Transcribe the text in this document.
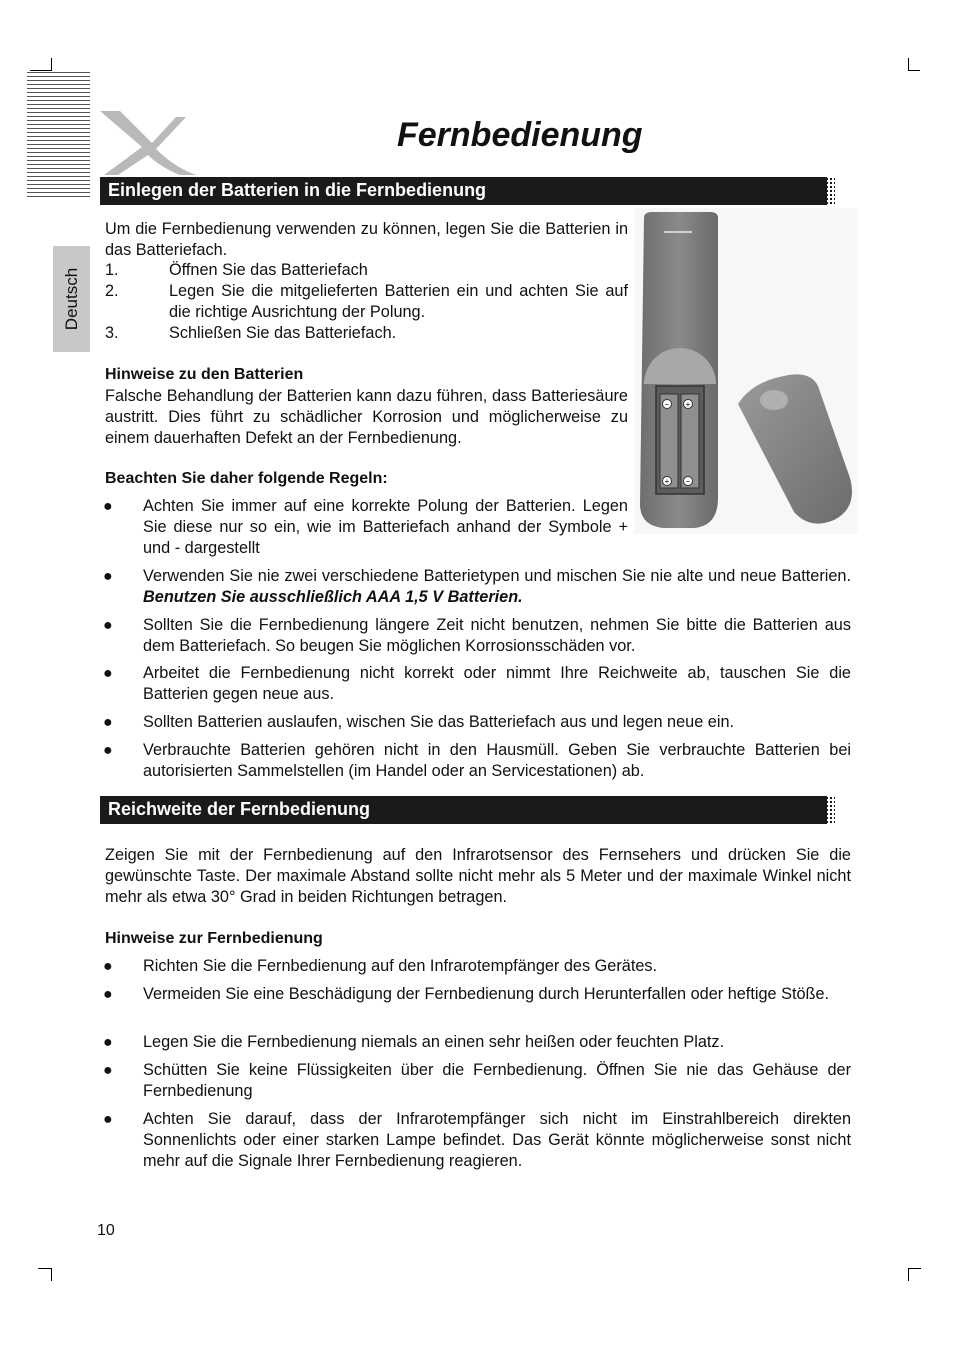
Fernbedienung
Deutsch
Einlegen der Batterien in die Fernbedienung
Um die Fernbedienung verwenden zu können, legen Sie die Batterien in das Batteriefach.
1.	Öffnen Sie das Batteriefach
2.	Legen Sie die mitgelieferten Batterien ein und achten Sie auf die richtige Ausrichtung der Polung.
3.	Schließen Sie das Batteriefach.
Hinweise zu den Batterien
Falsche Behandlung der Batterien kann dazu führen, dass Batteriesäure austritt. Dies führt zu schädlicher Korrosion und möglicherweise zu einem dauerhaften Defekt an der Fernbedienung.
Beachten Sie daher folgende Regeln:
● Achten Sie immer auf eine korrekte Polung der Batterien. Legen Sie diese nur so ein, wie im Batteriefach anhand der Symbole + und - dargestellt
● Verwenden Sie nie zwei verschiedene Batterietypen und mischen Sie nie alte und neue Batterien. Benutzen Sie ausschließlich AAA 1,5 V Batterien.
● Sollten Sie die Fernbedienung längere Zeit nicht benutzen, nehmen Sie bitte die Batterien aus dem Batteriefach. So beugen Sie möglichen Korrosionsschäden vor.
● Arbeitet die Fernbedienung nicht korrekt oder nimmt Ihre Reichweite ab, tauschen Sie die Batterien gegen neue aus.
● Sollten Batterien auslaufen, wischen Sie das Batteriefach aus und legen neue ein.
● Verbrauchte Batterien gehören nicht in den Hausmüll. Geben Sie verbrauchte Batterien bei autorisierten Sammelstellen (im Handel oder an Servicestationen) ab.
− +
+ −
Reichweite der Fernbedienung
Zeigen Sie mit der Fernbedienung auf den Infrarotsensor des Fernsehers und drücken Sie die gewünschte Taste. Der maximale Abstand sollte nicht mehr als 5 Meter und der maximale Winkel nicht mehr als etwa 30° Grad in beiden Richtungen betragen.
Hinweise zur Fernbedienung
● Richten Sie die Fernbedienung auf den Infrarotempfänger des Gerätes.
● Vermeiden Sie eine Beschädigung der Fernbedienung durch Herunterfallen oder heftige Stöße.
● Legen Sie die Fernbedienung niemals an einen sehr heißen oder feuchten Platz.
● Schütten Sie keine Flüssigkeiten über die Fernbedienung. Öffnen Sie nie das Gehäuse der Fernbedienung
● Achten Sie darauf, dass der Infrarotempfänger sich nicht im Einstrahlbereich direkten Sonnenlichts oder einer starken Lampe befindet. Das Gerät könnte möglicherweise sonst nicht mehr auf die Signale Ihrer Fernbedienung reagieren.
10
